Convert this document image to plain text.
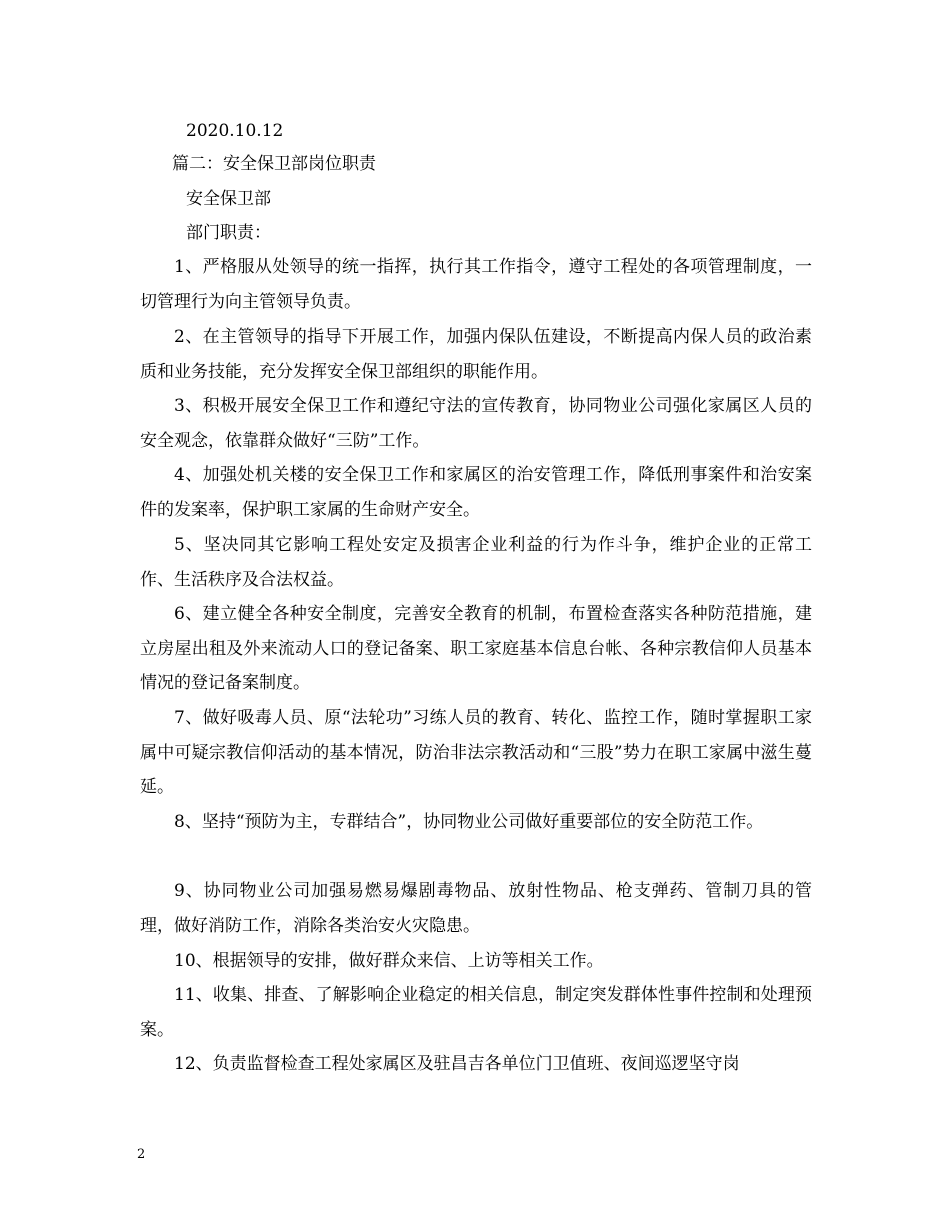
2020.10.12

篇二：安全保卫部岗位职责

安全保卫部

部门职责：

1、严格服从处领导的统一指挥，执行其工作指令，遵守工程处的各项管理制度，一切管理行为向主管领导负责。

2、在主管领导的指导下开展工作，加强内保队伍建设，不断提高内保人员的政治素质和业务技能，充分发挥安全保卫部组织的职能作用。

3、积极开展安全保卫工作和遵纪守法的宣传教育，协同物业公司强化家属区人员的安全观念，依靠群众做好“三防”工作。

4、加强处机关楼的安全保卫工作和家属区的治安管理工作，降低刑事案件和治安案件的发案率，保护职工家属的生命财产安全。

5、坚决同其它影响工程处安定及损害企业利益的行为作斗争，维护企业的正常工作、生活秩序及合法权益。

6、建立健全各种安全制度，完善安全教育的机制，布置检查落实各种防范措施，建立房屋出租及外来流动人口的登记备案、职工家庭基本信息台帐、各种宗教信仰人员基本情况的登记备案制度。

7、做好吸毒人员、原“法轮功”习练人员的教育、转化、监控工作，随时掌握职工家属中可疑宗教信仰活动的基本情况，防治非法宗教活动和“三股”势力在职工家属中滋生蔓延。

8、坚持“预防为主，专群结合”，协同物业公司做好重要部位的安全防范工作。

9、协同物业公司加强易燃易爆剧毒物品、放射性物品、枪支弹药、管制刀具的管理，做好消防工作，消除各类治安火灾隐患。

10、根据领导的安排，做好群众来信、上访等相关工作。

11、收集、排查、了解影响企业稳定的相关信息，制定突发群体性事件控制和处理预案。

12、负责监督检查工程处家属区及驻昌吉各单位门卫值班、夜间巡逻坚守岗

2
